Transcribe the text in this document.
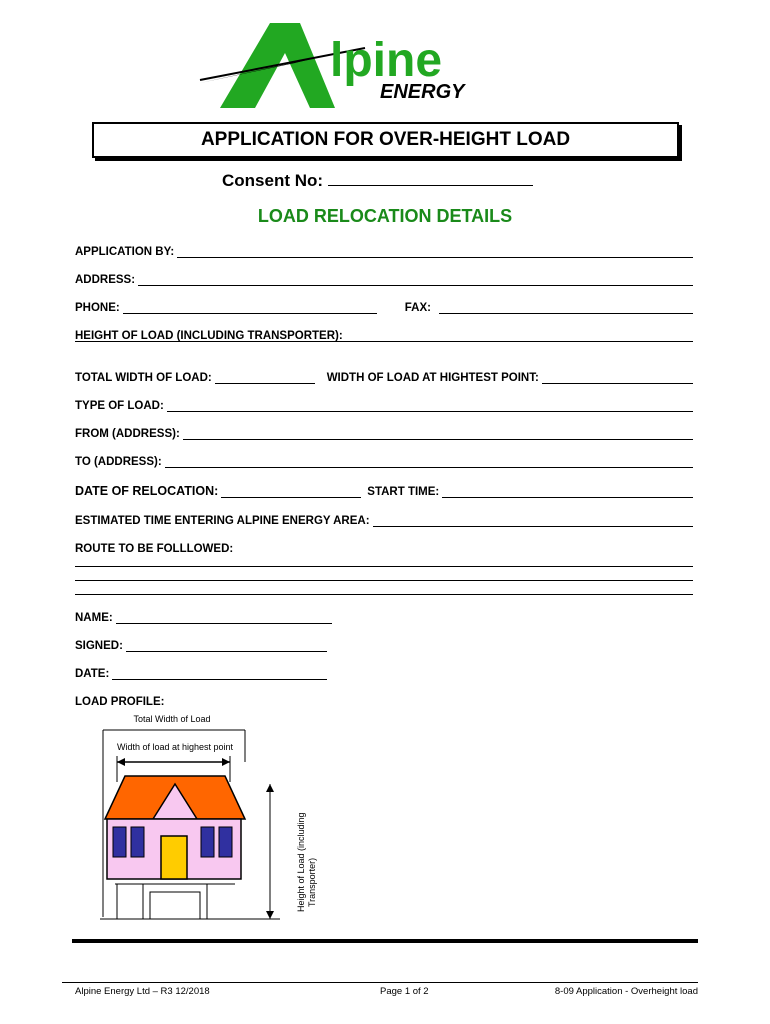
lpine
ENERGY
APPLICATION FOR OVER-HEIGHT LOAD
Consent No:
LOAD RELOCATION DETAILS
APPLICATION BY:
ADDRESS:
PHONE:	FAX:
HEIGHT OF LOAD (INCLUDING TRANSPORTER):
TOTAL WIDTH OF LOAD:	WIDTH OF LOAD AT HIGHTEST POINT:
TYPE OF LOAD:
FROM (ADDRESS):
TO (ADDRESS):
DATE OF RELOCATION:	START TIME:
ESTIMATED TIME ENTERING ALPINE ENERGY AREA:
ROUTE TO BE FOLLLOWED:
NAME:
SIGNED:
DATE:
LOAD PROFILE:
Total Width of Load
Width of load at highest point
Height of Load (including Transporter)
Alpine Energy Ltd – R3 12/2018	Page 1 of 2	8-09 Application - Overheight load
